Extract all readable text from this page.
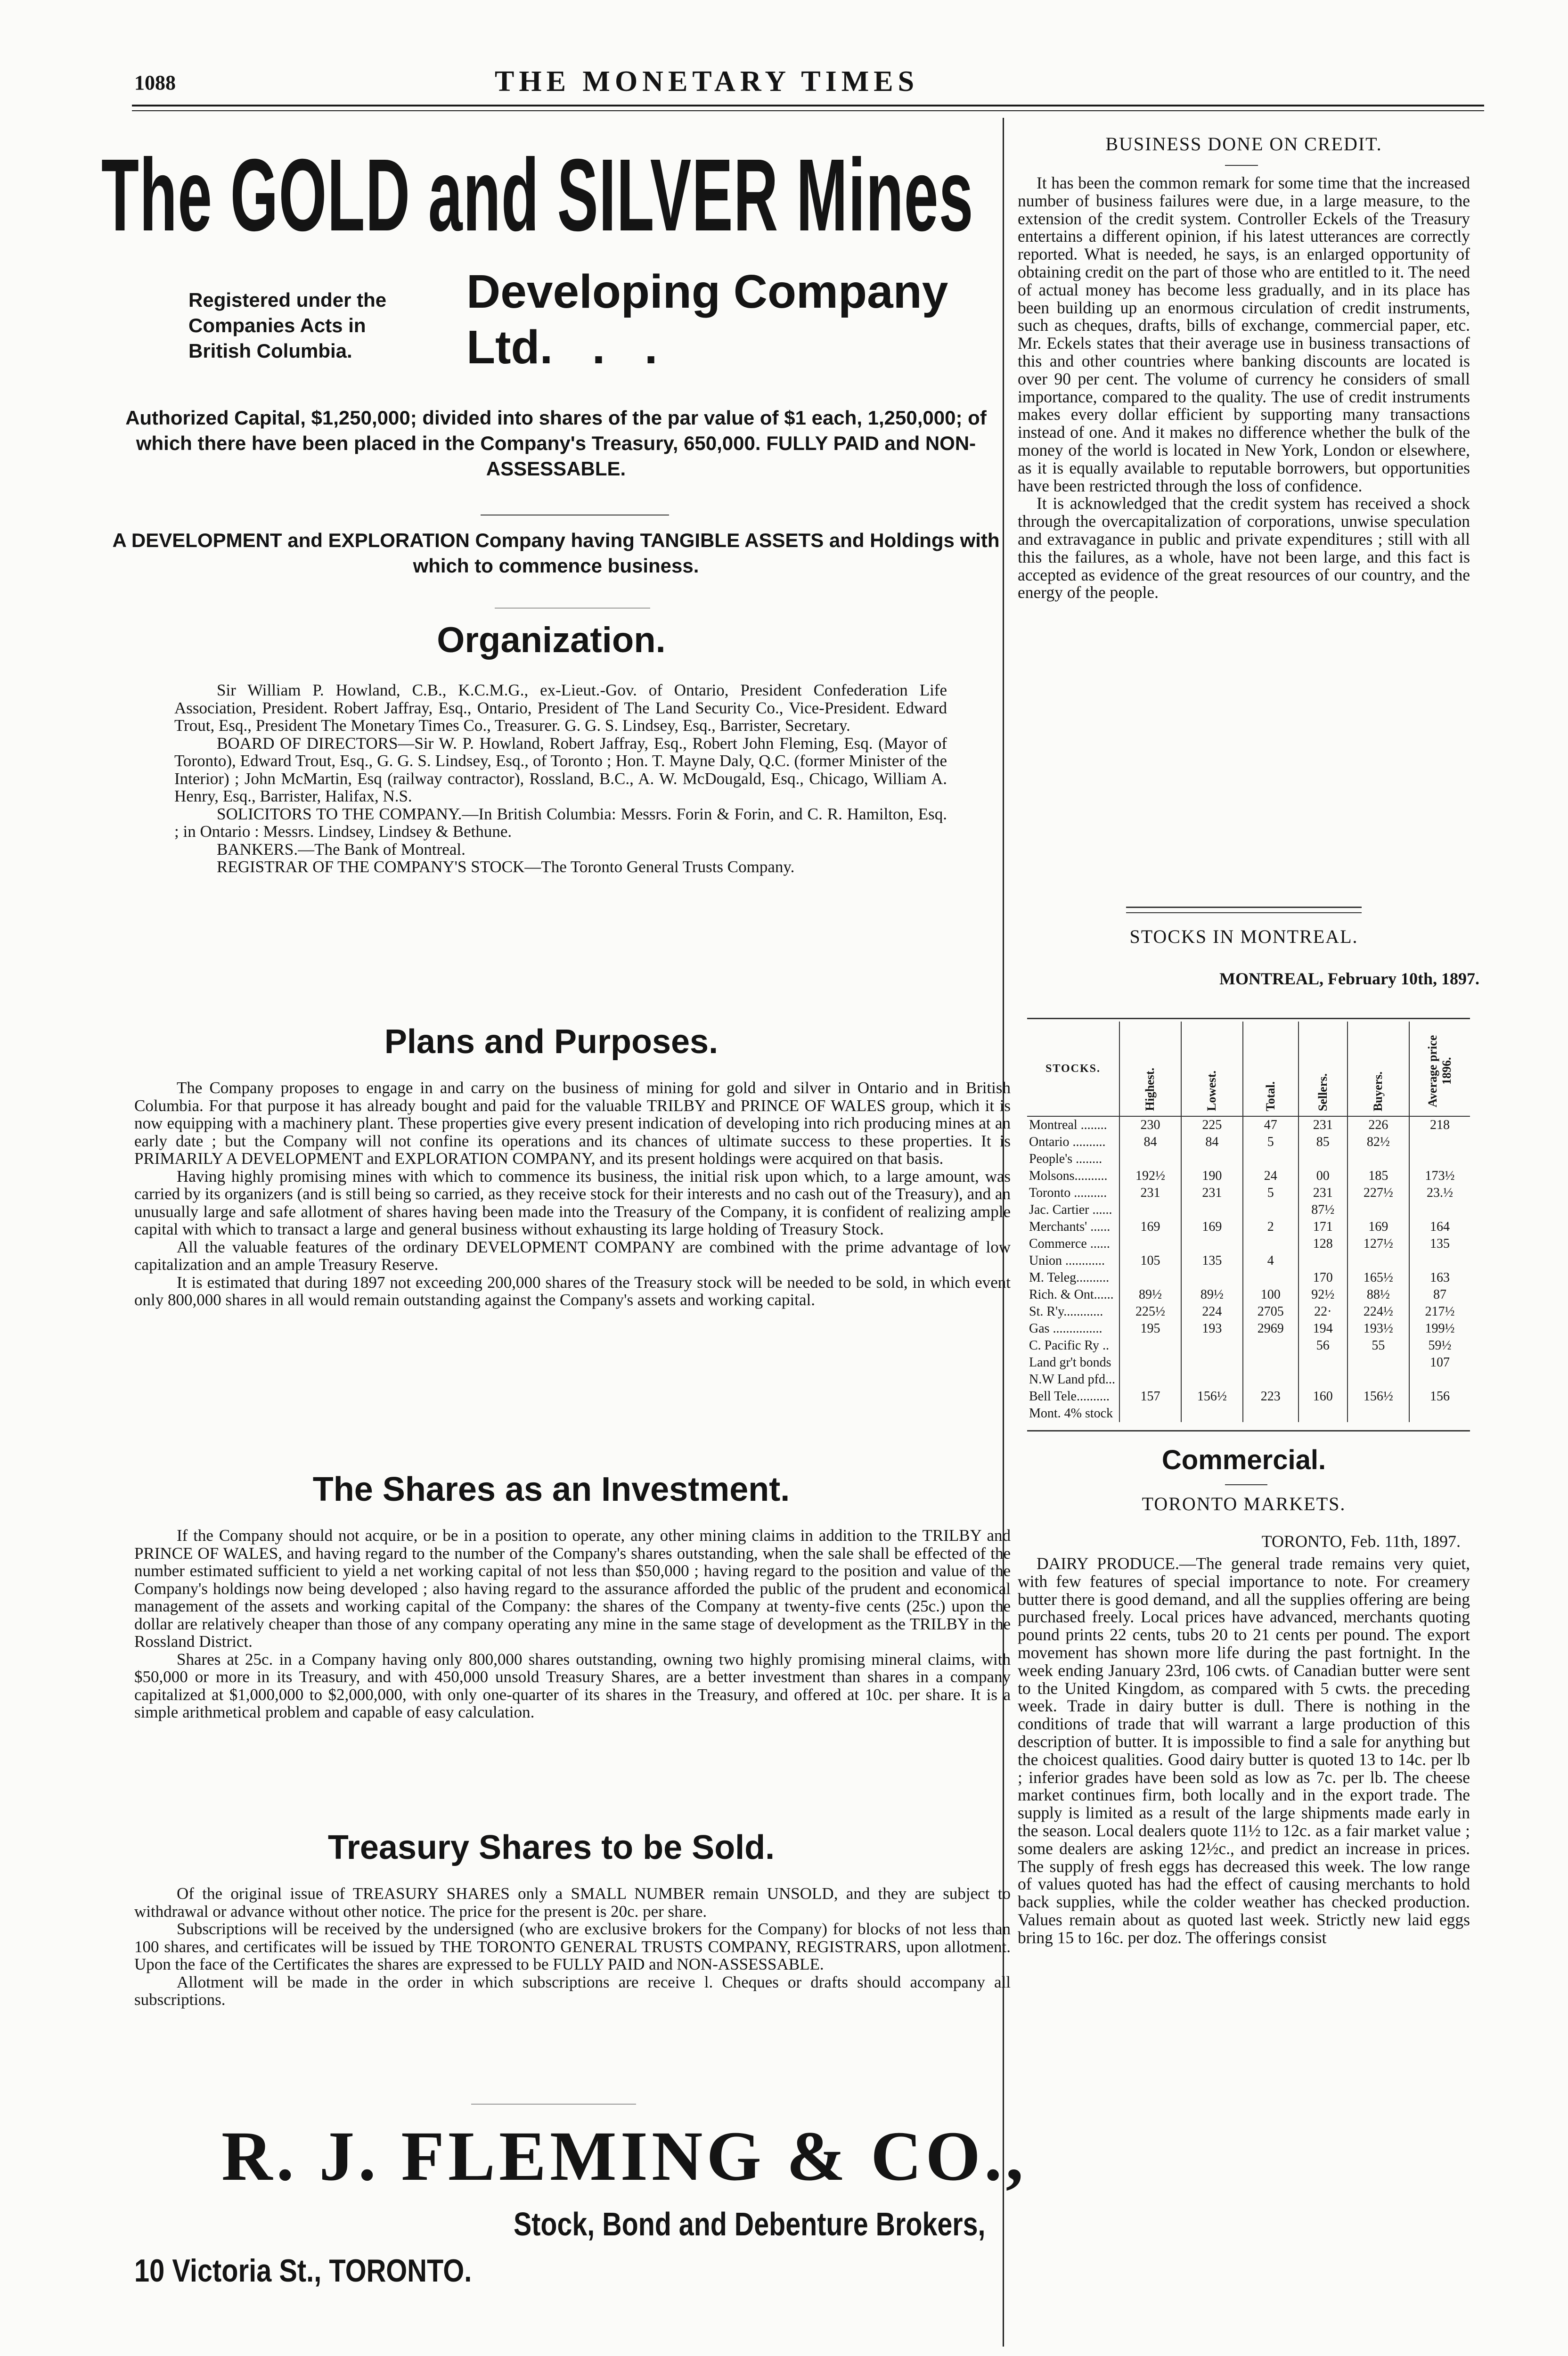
1088	THE MONETARY TIMES
The GOLD and SILVER Mines
Registered under the
Companies Acts in
British Columbia.
Developing Company
Ltd.   .   .
Authorized Capital, $1,250,000; divided into shares of the par value of $1 each, 1,250,000; of which there have been placed in the Company's Treasury, 650,000. FULLY PAID and NON-ASSESSABLE.
A DEVELOPMENT and EXPLORATION Company having TANGIBLE ASSETS and Holdings with which to commence business.
Organization.

Sir William P. Howland, C.B., K.C.M.G., ex-Lieut.-Gov. of Ontario, President Confederation Life Association, President. Robert Jaffray, Esq., Ontario, President of The Land Security Co., Vice-President. Edward Trout, Esq., President The Monetary Times Co., Treasurer. G. G. S. Lindsey, Esq., Barrister, Secretary.

BOARD OF DIRECTORS—Sir W. P. Howland, Robert Jaffray, Esq., Robert John Fleming, Esq. (Mayor of Toronto), Edward Trout, Esq., G. G. S. Lindsey, Esq., of Toronto ; Hon. T. Mayne Daly, Q.C. (former Minister of the Interior) ; John McMartin, Esq (railway contractor), Rossland, B.C., A. W. McDougald, Esq., Chicago, William A. Henry, Esq., Barrister, Halifax, N.S.

SOLICITORS TO THE COMPANY.—In British Columbia: Messrs. Forin & Forin, and C. R. Hamilton, Esq. ; in Ontario : Messrs. Lindsey, Lindsey & Bethune.

BANKERS.—The Bank of Montreal.

REGISTRAR OF THE COMPANY'S STOCK—The Toronto General Trusts Company.

Plans and Purposes.

The Company proposes to engage in and carry on the business of mining for gold and silver in Ontario and in British Columbia. For that purpose it has already bought and paid for the valuable TRILBY and PRINCE OF WALES group, which it is now equipping with a machinery plant. These properties give every present indication of developing into rich producing mines at an early date ; but the Company will not confine its operations and its chances of ultimate success to these properties. It is PRIMARILY A DEVELOPMENT and EXPLORATION COMPANY, and its present holdings were acquired on that basis.

Having highly promising mines with which to commence its business, the initial risk upon which, to a large amount, was carried by its organizers (and is still being so carried, as they receive stock for their interests and no cash out of the Treasury), and an unusually large and safe allotment of shares having been made into the Treasury of the Company, it is confident of realizing ample capital with which to transact a large and general business without exhausting its large holding of Treasury Stock.

All the valuable features of the ordinary DEVELOPMENT COMPANY are combined with the prime advantage of low capitalization and an ample Treasury Reserve.

It is estimated that during 1897 not exceeding 200,000 shares of the Treasury stock will be needed to be sold, in which event only 800,000 shares in all would remain outstanding against the Company's assets and working capital.

The Shares as an Investment.

If the Company should not acquire, or be in a position to operate, any other mining claims in addition to the TRILBY and PRINCE OF WALES, and having regard to the number of the Company's shares outstanding, when the sale shall be effected of the number estimated sufficient to yield a net working capital of not less than $50,000 ; having regard to the position and value of the Company's holdings now being developed ; also having regard to the assurance afforded the public of the prudent and economical management of the assets and working capital of the Company: the shares of the Company at twenty-five cents (25c.) upon the dollar are relatively cheaper than those of any company operating any mine in the same stage of development as the TRILBY in the Rossland District.

Shares at 25c. in a Company having only 800,000 shares outstanding, owning two highly promising mineral claims, with $50,000 or more in its Treasury, and with 450,000 unsold Treasury Shares, are a better investment than shares in a company capitalized at $1,000,000 to $2,000,000, with only one-quarter of its shares in the Treasury, and offered at 10c. per share. It is a simple arithmetical problem and capable of easy calculation.

Treasury Shares to be Sold.

Of the original issue of TREASURY SHARES only a SMALL NUMBER remain UNSOLD, and they are subject to withdrawal or advance without other notice. The price for the present is 20c. per share.

Subscriptions will be received by the undersigned (who are exclusive brokers for the Company) for blocks of not less than 100 shares, and certificates will be issued by THE TORONTO GENERAL TRUSTS COMPANY, REGISTRARS, upon allotment. Upon the face of the Certificates the shares are expressed to be FULLY PAID and NON-ASSESSABLE.

Allotment will be made in the order in which subscriptions are receive l. Cheques or drafts should accompany all subscriptions.

R. J. FLEMING & CO.,
Stock, Bond and Debenture Brokers,
10 Victoria St., TORONTO.
BUSINESS DONE ON CREDIT.

It has been the common remark for some time that the increased number of business failures were due, in a large measure, to the extension of the credit system. Controller Eckels of the Treasury entertains a different opinion, if his latest utterances are correctly reported. What is needed, he says, is an enlarged opportunity of obtaining credit on the part of those who are entitled to it. The need of actual money has become less gradually, and in its place has been building up an enormous circulation of credit instruments, such as cheques, drafts, bills of exchange, commercial paper, etc. Mr. Eckels states that their average use in business transactions of this and other countries where banking discounts are located is over 90 per cent. The volume of currency he considers of small importance, compared to the quality. The use of credit instruments makes every dollar efficient by supporting many transactions instead of one. And it makes no difference whether the bulk of the money of the world is located in New York, London or elsewhere, as it is equally available to reputable borrowers, but opportunities have been restricted through the loss of confidence.

It is acknowledged that the credit system has received a shock through the overcapitalization of corporations, unwise speculation and extravagance in public and private expenditures ; still with all this the failures, as a whole, have not been large, and this fact is accepted as evidence of the great resources of our country, and the energy of the people.

STOCKS IN MONTREAL.
MONTREAL, February 10th, 1897.
STOCKS.	Highest.	Lowest.	Total.	Sellers.	Buyers.	Average price 1896.

Montreal ........	230	225	47	231	226	218
Ontario ..........	84	84	5	85	82½	
People's ........						
Molsons..........	192½	190	24	00	185	173½
Toronto ..........	231	231	5	231	227½	23.½
Jac. Cartier ......				87½		
Merchants' ......	169	169	2	171	169	164
Commerce ......				128	127½	135
Union ............	105	135	4			
M. Teleg..........				170	165½	163
Rich. & Ont......	89½	89½	100	92½	88½	87
St. R'y............	225½	224	2705	22·	224½	217½
Gas ...............	195	193	2969	194	193½	199½
C. Pacific Ry ..				56	55	59½
Land gr't bonds						107
N.W Land pfd...						
Bell Tele..........	157	156½	223	160	156½	156
Mont. 4% stock						
Commercial.
TORONTO MARKETS.
TORONTO, Feb. 11th, 1897.

DAIRY PRODUCE.—The general trade remains very quiet, with few features of special importance to note. For creamery butter there is good demand, and all the supplies offering are being purchased freely. Local prices have advanced, merchants quoting pound prints 22 cents, tubs 20 to 21 cents per pound. The export movement has shown more life during the past fortnight. In the week ending January 23rd, 106 cwts. of Canadian butter were sent to the United Kingdom, as compared with 5 cwts. the preceding week. Trade in dairy butter is dull. There is nothing in the conditions of trade that will warrant a large production of this description of butter. It is impossible to find a sale for anything but the choicest qualities. Good dairy butter is quoted 13 to 14c. per lb ; inferior grades have been sold as low as 7c. per lb. The cheese market continues firm, both locally and in the export trade. The supply is limited as a result of the large shipments made early in the season. Local dealers quote 11½ to 12c. as a fair market value ; some dealers are asking 12½c., and predict an increase in prices. The supply of fresh eggs has decreased this week. The low range of values quoted has had the effect of causing merchants to hold back supplies, while the colder weather has checked production. Values remain about as quoted last week. Strictly new laid eggs bring 15 to 16c. per doz. The offerings consist
